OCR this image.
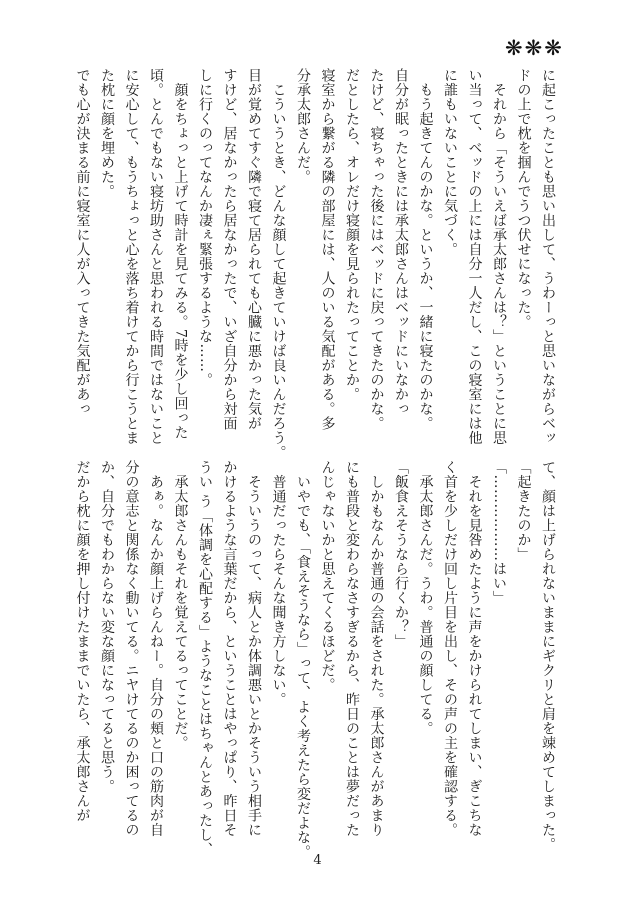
❋❋❋
に起こったことも思い出して、うわーっと思いながらベッ
ドの上で枕を掴んでうつ伏せになった。
　それから「そういえば承太郎さんは？」ということに思
い当って、ベッドの上には自分一人だし、この寝室には他
に誰もいないことに気づく。
　もう起きてんのかな。というか、一緒に寝たのかな。
自分が眠ったときには承太郎さんはベッドにいなかっ
たけど、寝ちゃった後にはベッドに戻ってきたのかな。
だとしたら、オレだけ寝顔を見られたってことか。
寝室から繋がる隣の部屋には、人のいる気配がある。多
分承太郎さんだ。
　こういうとき、どんな顔して起きていけば良いんだろう。
目が覚めてすぐ隣で寝て居られても心臓に悪かった気が
すけど、居なかったら居なかったで、いざ自分から対面
しに行くのってなんか凄ぇ緊張するような……。
　顔をちょっと上げて時計を見てみる。7時を少し回った
頃。とんでもない寝坊助さんと思われる時間ではないこと
に安心して、もうちょっと心を落ち着けてから行こうとま
た枕に顔を埋めた。
でも心が決まる前に寝室に人が入ってきた気配があっ
て、顔は上げられないままにギクリと肩を竦めてしまった。
「起きたのか」
「………………はい」
　それを見咎めたように声をかけられてしまい、ぎこちな
く首を少しだけ回し片目を出し、その声の主を確認する。
　承太郎さんだ。うわ。普通の顔してる。
「飯食えそうなら行くか？」
　しかもなんか普通の会話をされた。承太郎さんがあまり
にも普段と変わらなさすぎるから、昨日のことは夢だった
んじゃないかと思えてくるほどだ。
　いやでも、「食えそうなら」って、よく考えたら変だよな。
　普通だったらそんな聞き方しない。
　そういうのって、病人とか体調悪いとかそういう相手に
かけるような言葉だから、ということはやっぱり、昨日そ
うい う「体調を心配する」ようなことはちゃんとあったし、
　承太郎さんもそれを覚えてるってことだ。
　あぁ。なんか顔上げらんねー。自分の頬と口の筋肉が自
分の意志と関係なく動いてる。ニヤけてるのか困ってるの
か、自分でもわからない変な顔になってると思う。
だから枕に顔を押し付けたままでいたら、承太郎さんが
4
